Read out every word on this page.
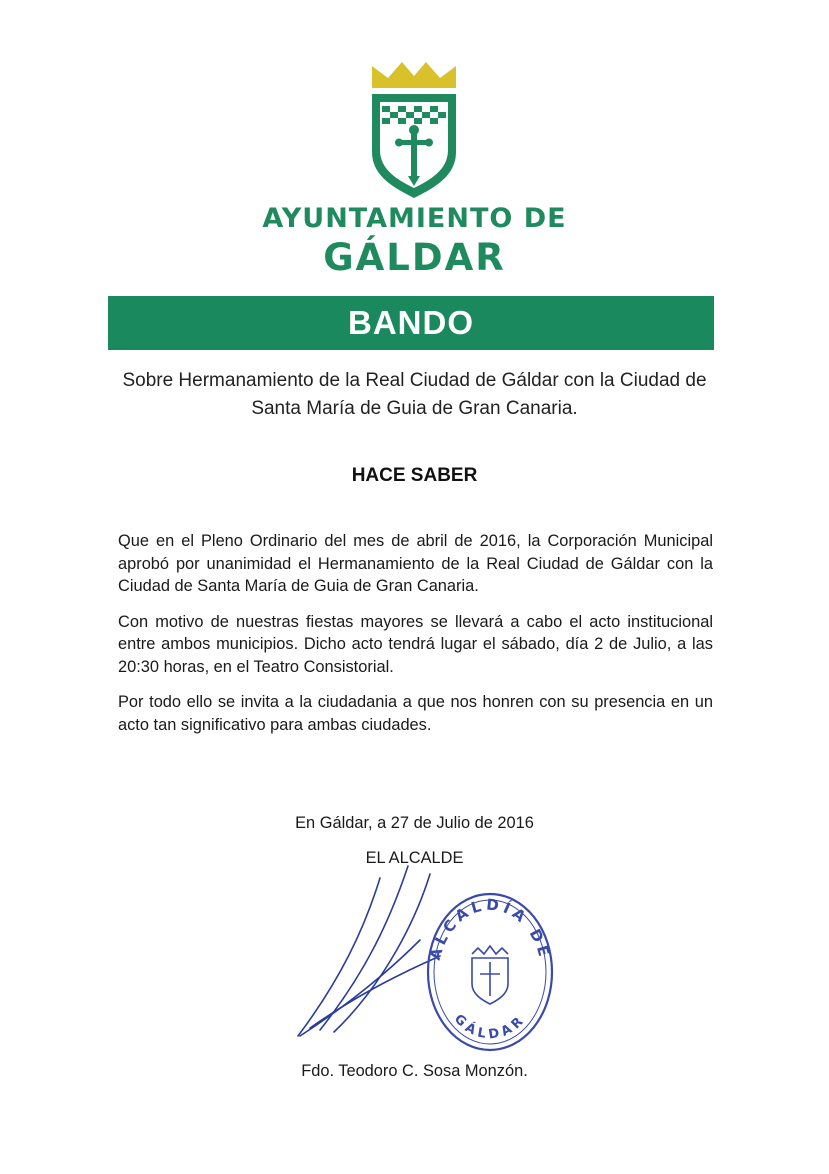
AYUNTAMIENTO DE
GÁLDAR
BANDO
Sobre Hermanamiento de la Real Ciudad de Gáldar con la Ciudad de Santa María de Guia de Gran Canaria.
HACE SABER

Que en el Pleno Ordinario del mes de abril de 2016, la Corporación Municipal aprobó por unanimidad el Hermanamiento de la Real Ciudad de Gáldar con la Ciudad de Santa María de Guia de Gran Canaria.

Con motivo de nuestras fiestas mayores se llevará a cabo el acto institucional entre ambos municipios. Dicho acto tendrá lugar el sábado, día 2 de Julio, a las 20:30 horas, en el Teatro Consistorial.

Por todo ello se invita a la ciudadania a que nos honren con su presencia en un acto tan significativo para ambas ciudades.

En Gáldar, a 27 de Julio de 2016
EL ALCALDE
ALCALDÍA DE
GÁLDAR
Fdo. Teodoro C. Sosa Monzón.
